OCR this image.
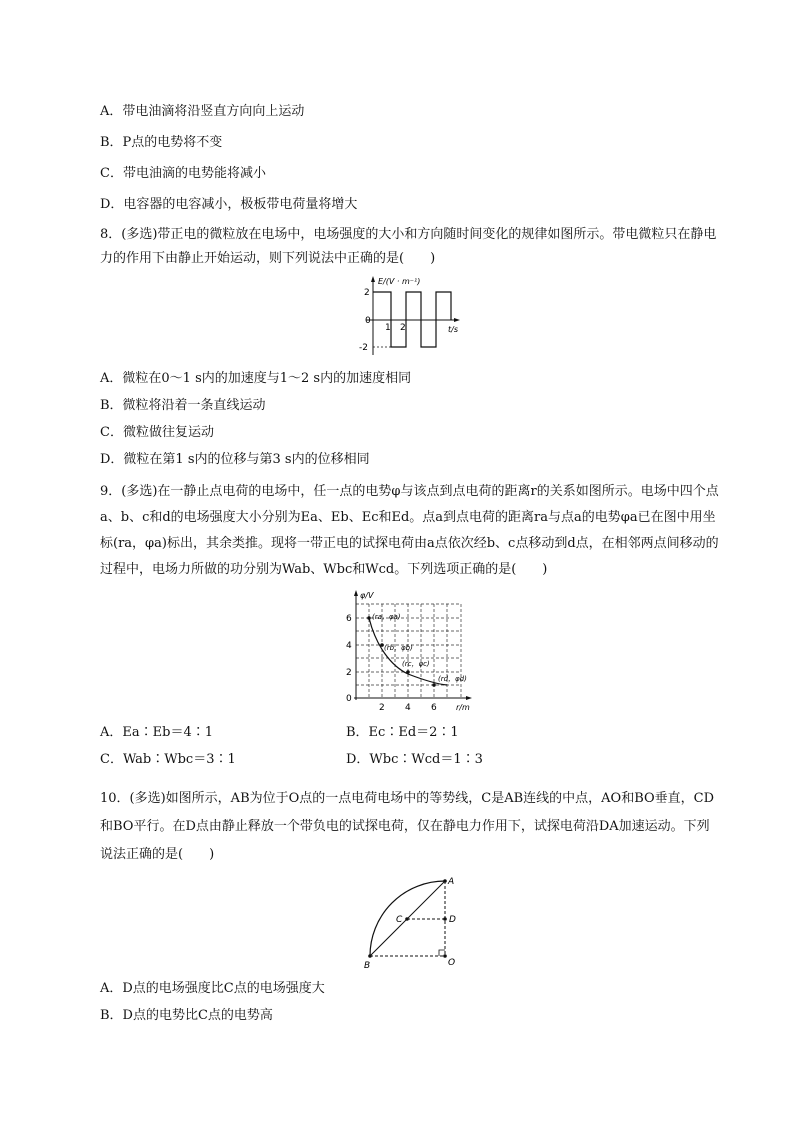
A．带电油滴将沿竖直方向向上运动
B．P点的电势将不变
C．带电油滴的电势能将减小
D．电容器的电容减小，极板带电荷量将增大
8．(多选)带正电的微粒放在电场中，电场强度的大小和方向随时间变化的规律如图所示。带电微粒只在静电力的作用下由静止开始运动，则下列说法中正确的是(　　)
E/(V · m⁻¹)
2
0
-2
1 2	t/s
A．微粒在0～1 s内的加速度与1～2 s内的加速度相同
B．微粒将沿着一条直线运动
C．微粒做往复运动
D．微粒在第1 s内的位移与第3 s内的位移相同
9．(多选)在一静止点电荷的电场中，任一点的电势φ与该点到点电荷的距离r的关系如图所示。电场中四个点a、b、c和d的电场强度大小分别为Ea、Eb、Ec和Ed。点a到点电荷的距离ra与点a的电势φa已在图中用坐标(ra，φa)标出，其余类推。现将一带正电的试探电荷由a点依次经b、c点移动到d点，在相邻两点间移动的过程中，电场力所做的功分别为Wab、Wbc和Wcd。下列选项正确的是(　　)
φ/V
6
4
2
0
2 4 6 r/m
(ra，φa)
(rb，φb)
(rc，φc)
(rd，φd)
A．Ea∶Eb＝4∶1	B．Ec∶Ed＝2∶1
C．Wab∶Wbc＝3∶1	D．Wbc∶Wcd＝1∶3
10．(多选)如图所示，AB为位于O点的一点电荷电场中的等势线，C是AB连线的中点，AO和BO垂直，CD和BO平行。在D点由静止释放一个带负电的试探电荷，仅在静电力作用下，试探电荷沿DA加速运动。下列说法正确的是(　　)
A
B
C	D
O
A．D点的电场强度比C点的电场强度大
B．D点的电势比C点的电势高
